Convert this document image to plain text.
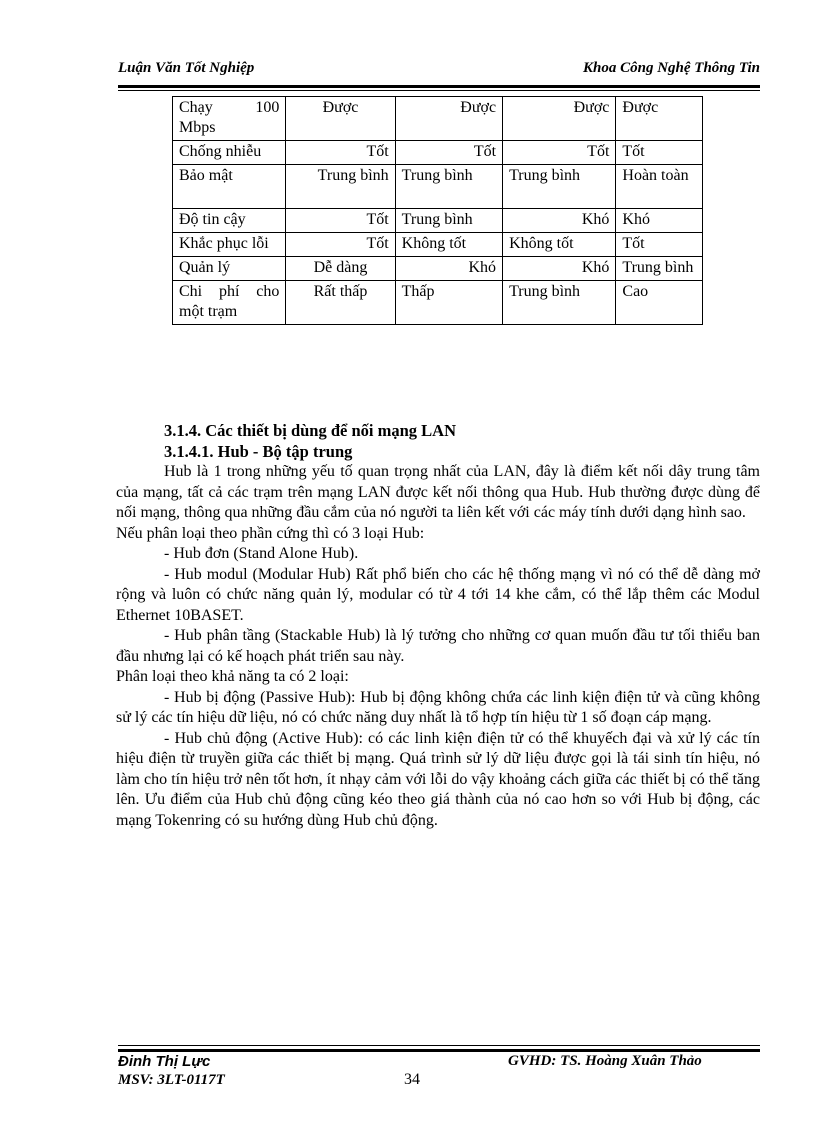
Luận Văn Tốt Nghiệp	Khoa Công Nghệ Thông Tin
Chạy 100 Mbps	Được	Được	Được	Được
Chống nhiễu	Tốt	Tốt	Tốt	Tốt
Bảo mật	Trung bình	Trung bình	Trung bình	Hoàn toàn
Độ tin cậy	Tốt	Trung bình	Khó	Khó
Khắc phục lỗi	Tốt	Không tốt	Không tốt	Tốt
Quản lý	Dễ dàng	Khó	Khó	Trung bình
Chi phí cho một trạm	Rất thấp	Thấp	Trung bình	Cao

3.1.4. Các thiết bị dùng để nối mạng LAN

3.1.4.1. Hub - Bộ tập trung

Hub là 1 trong những yếu tố quan trọng nhất của LAN, đây là điểm kết nối dây trung tâm của mạng, tất cả các trạm trên mạng LAN được kết nối thông qua Hub. Hub thường được dùng để nối mạng, thông qua những đầu cắm của nó người ta liên kết với các máy tính dưới dạng hình sao.

Nếu phân loại theo phần cứng thì có 3 loại Hub:

- Hub đơn (Stand Alone Hub).

- Hub modul (Modular Hub) Rất phổ biến cho các hệ thống mạng vì nó có thể dễ dàng mở rộng và luôn có chức năng quản lý, modular có từ 4 tới 14 khe cắm, có thể lắp thêm các Modul Ethernet 10BASET.

- Hub phân tầng (Stackable Hub) là lý tưởng cho những cơ quan muốn đầu tư tối thiểu ban đầu nhưng lại có kế hoạch phát triển sau này.

Phân loại theo khả năng ta có 2 loại:

- Hub bị động (Passive Hub): Hub bị động không chứa các linh kiện điện tử và cũng không sử lý các tín hiệu dữ liệu, nó có chức năng duy nhất là tổ hợp tín hiệu từ 1 số đoạn cáp mạng.

- Hub chủ động (Active Hub): có các linh kiện điện tử có thể khuyếch đại và xử lý các tín hiệu điện từ truyền giữa các thiết bị mạng. Quá trình sử lý dữ liệu được gọi là tái sinh tín hiệu, nó làm cho tín hiệu trở nên tốt hơn, ít nhạy cảm với lỗi do vậy khoảng cách giữa các thiết bị có thể tăng lên. Ưu điểm của Hub chủ động cũng kéo theo giá thành của nó cao hơn so với Hub bị động, các mạng Tokenring có su hướng dùng Hub chủ động.

Đinh Thị Lực	GVHD: TS. Hoàng Xuân Thảo
MSV: 3LT-0117T	34
